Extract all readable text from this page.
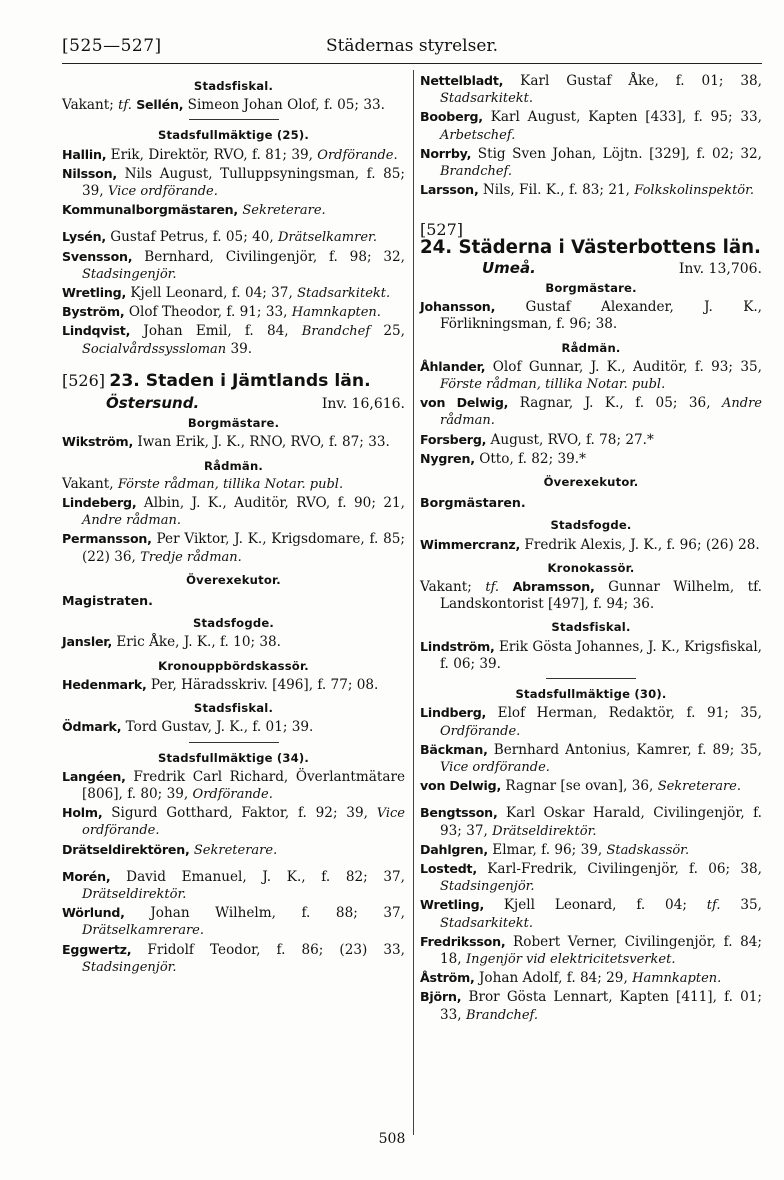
Städernas styrelser.
[525—527]
Stadsfiskal.

Vakant; tf. Sellén, Simeon Johan Olof, f. 05; 33.

Stadsfullmäktige (25).

Hallin, Erik, Direktör, RVO, f. 81; 39, Ordförande.

Nilsson, Nils August, Tulluppsyningsman, f. 85; 39, Vice ordförande.

Kommunalborgmästaren, Sekreterare.

Lysén, Gustaf Petrus, f. 05; 40, Drätselkamrer.

Svensson, Bernhard, Civilingenjör, f. 98; 32, Stadsingenjör.

Wretling, Kjell Leonard, f. 04; 37, Stadsarkitekt.

Byström, Olof Theodor, f. 91; 33, Hamnkapten.

Lindqvist, Johan Emil, f. 84, Brandchef 25, Socialvårdssyssloman 39.

[526] 23. Staden i Jämtlands län.
Östersund.	Inv. 16,616.
Borgmästare.

Wikström, Iwan Erik, J. K., RNO, RVO, f. 87; 33.

Rådmän.

Vakant, Förste rådman, tillika Notar. publ.

Lindeberg, Albin, J. K., Auditör, RVO, f. 90; 21, Andre rådman.

Permansson, Per Viktor, J. K., Krigsdomare, f. 85; (22) 36, Tredje rådman.

Överexekutor.
Magistraten.
Stadsfogde.

Jansler, Eric Åke, J. K., f. 10; 38.

Kronouppbördskassör.

Hedenmark, Per, Häradsskriv. [496], f. 77; 08.

Stadsfiskal.

Ödmark, Tord Gustav, J. K., f. 01; 39.

Stadsfullmäktige (34).

Langéen, Fredrik Carl Richard, Överlantmätare [806], f. 80; 39, Ordförande.

Holm, Sigurd Gotthard, Faktor, f. 92; 39, Vice ordförande.

Drätseldirektören, Sekreterare.

Morén, David Emanuel, J. K., f. 82; 37, Drätseldirektör.

Wörlund, Johan Wilhelm, f. 88; 37, Drätselkamrerare.

Eggwertz, Fridolf Teodor, f. 86; (23) 33, Stadsingenjör.

Nettelbladt, Karl Gustaf Åke, f. 01; 38, Stadsarkitekt.

Booberg, Karl August, Kapten [433], f. 95; 33, Arbetschef.

Norrby, Stig Sven Johan, Löjtn. [329], f. 02; 32, Brandchef.

Larsson, Nils, Fil. K., f. 83; 21, Folkskolinspektör.

[527]
24. Städerna i Västerbottens län.
Umeå.	Inv. 13,706.
Borgmästare.

Johansson, Gustaf Alexander, J. K., Förlikningsman, f. 96; 38.

Rådmän.

Åhlander, Olof Gunnar, J. K., Auditör, f. 93; 35, Förste rådman, tillika Notar. publ.

von Delwig, Ragnar, J. K., f. 05; 36, Andre rådman.

Forsberg, August, RVO, f. 78; 27.*

Nygren, Otto, f. 82; 39.*

Överexekutor.
Borgmästaren.
Stadsfogde.

Wimmercranz, Fredrik Alexis, J. K., f. 96; (26) 28.

Kronokassör.

Vakant; tf. Abramsson, Gunnar Wilhelm, tf. Landskontorist [497], f. 94; 36.

Stadsfiskal.

Lindström, Erik Gösta Johannes, J. K., Krigsfiskal, f. 06; 39.

Stadsfullmäktige (30).

Lindberg, Elof Herman, Redaktör, f. 91; 35, Ordförande.

Bäckman, Bernhard Antonius, Kamrer, f. 89; 35, Vice ordförande.

von Delwig, Ragnar [se ovan], 36, Sekreterare.

Bengtsson, Karl Oskar Harald, Civilingenjör, f. 93; 37, Drätseldirektör.

Dahlgren, Elmar, f. 96; 39, Stadskassör.

Lostedt, Karl-Fredrik, Civilingenjör, f. 06; 38, Stadsingenjör.

Wretling, Kjell Leonard, f. 04; tf. 35, Stadsarkitekt.

Fredriksson, Robert Verner, Civilingenjör, f. 84; 18, Ingenjör vid elektricitetsverket.

Åström, Johan Adolf, f. 84; 29, Hamnkapten.

Björn, Bror Gösta Lennart, Kapten [411], f. 01; 33, Brandchef.

508
